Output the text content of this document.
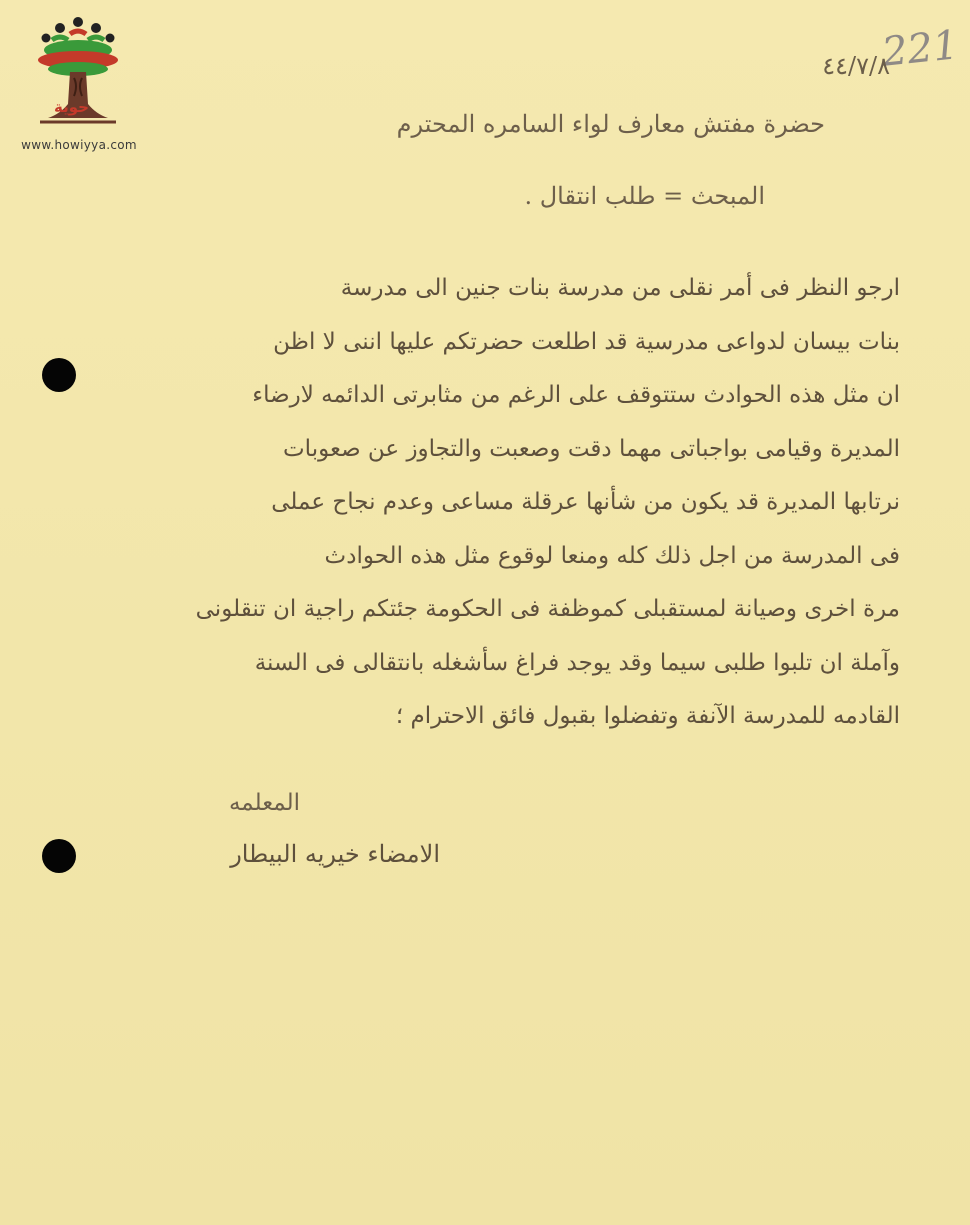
حوية
www.howiyya.com
221
٤٤/٧/٨
حضرة مفتش معارف لواء السامره المحترم
المبحث = طلب انتقال .
ارجو النظر فى أمر نقلى من مدرسة بنات جنين الى مدرسة
بنات بيسان لدواعى مدرسية قد اطلعت حضرتكم عليها اننى لا اظن
ان مثل هذه الحوادث ستتوقف على الرغم من مثابرتى الدائمه لارضاء
المديرة وقيامى بواجباتى مهما دقت وصعبت والتجاوز عن صعوبات
نرتابها المديرة قد يكون من شأنها عرقلة مساعى وعدم نجاح عملى
فى المدرسة من اجل ذلك كله ومنعا لوقوع مثل هذه الحوادث
مرة اخرى وصيانة لمستقبلى كموظفة فى الحكومة جئتكم راجية ان تنقلونى
وآملة ان تلبوا طلبى سيما وقد يوجد فراغ سأشغله بانتقالى فى السنة
القادمه للمدرسة الآنفة وتفضلوا بقبول فائق الاحترام ؛
المعلمه
الامضاء خيريه البيطار
